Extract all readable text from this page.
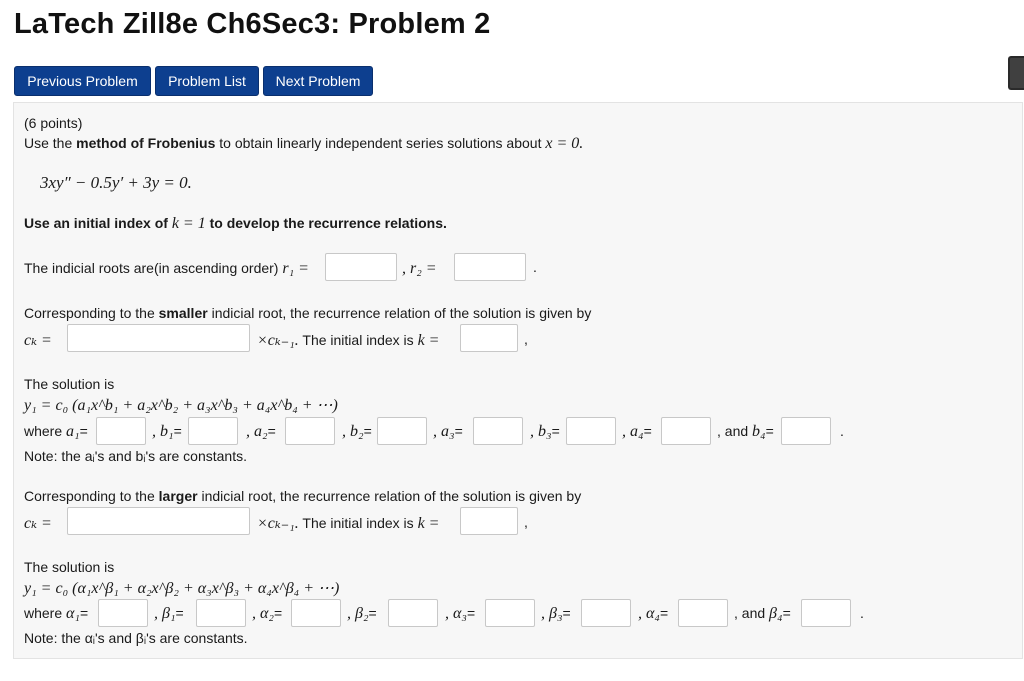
LaTech Zill8e Ch6Sec3: Problem 2
Previous Problem	Problem List	Next Problem
(6 points)
Use the method of Frobenius to obtain linearly independent series solutions about x = 0.
3xy″ − 0.5y′ + 3y = 0.
Use an initial index of k = 1 to develop the recurrence relations.
The indicial roots are(in ascending order) r₁ =	, r₂ =	.
Corresponding to the smaller indicial root, the recurrence relation of the solution is given by
cₖ =	×cₖ₋₁. The initial index is k =	,
The solution is
y₁ = c₀ (a₁x^b₁ + a₂x^b₂ + a₃x^b₃ + a₄x^b₄ + ⋯)
where a₁=	, b₁=	, a₂=	, b₂=	, a₃=	, b₃=	, a₄=	, and b₄=	.
Note: the aᵢ's and bᵢ's are constants.
Corresponding to the larger indicial root, the recurrence relation of the solution is given by
cₖ =	×cₖ₋₁. The initial index is k =	,
The solution is
y₁ = c₀ (α₁x^β₁ + α₂x^β₂ + α₃x^β₃ + α₄x^β₄ + ⋯)
where α₁=	, β₁=	, α₂=	, β₂=	, α₃=	, β₃=	, α₄=	, and β₄=	.
Note: the αᵢ's and βᵢ's are constants.
